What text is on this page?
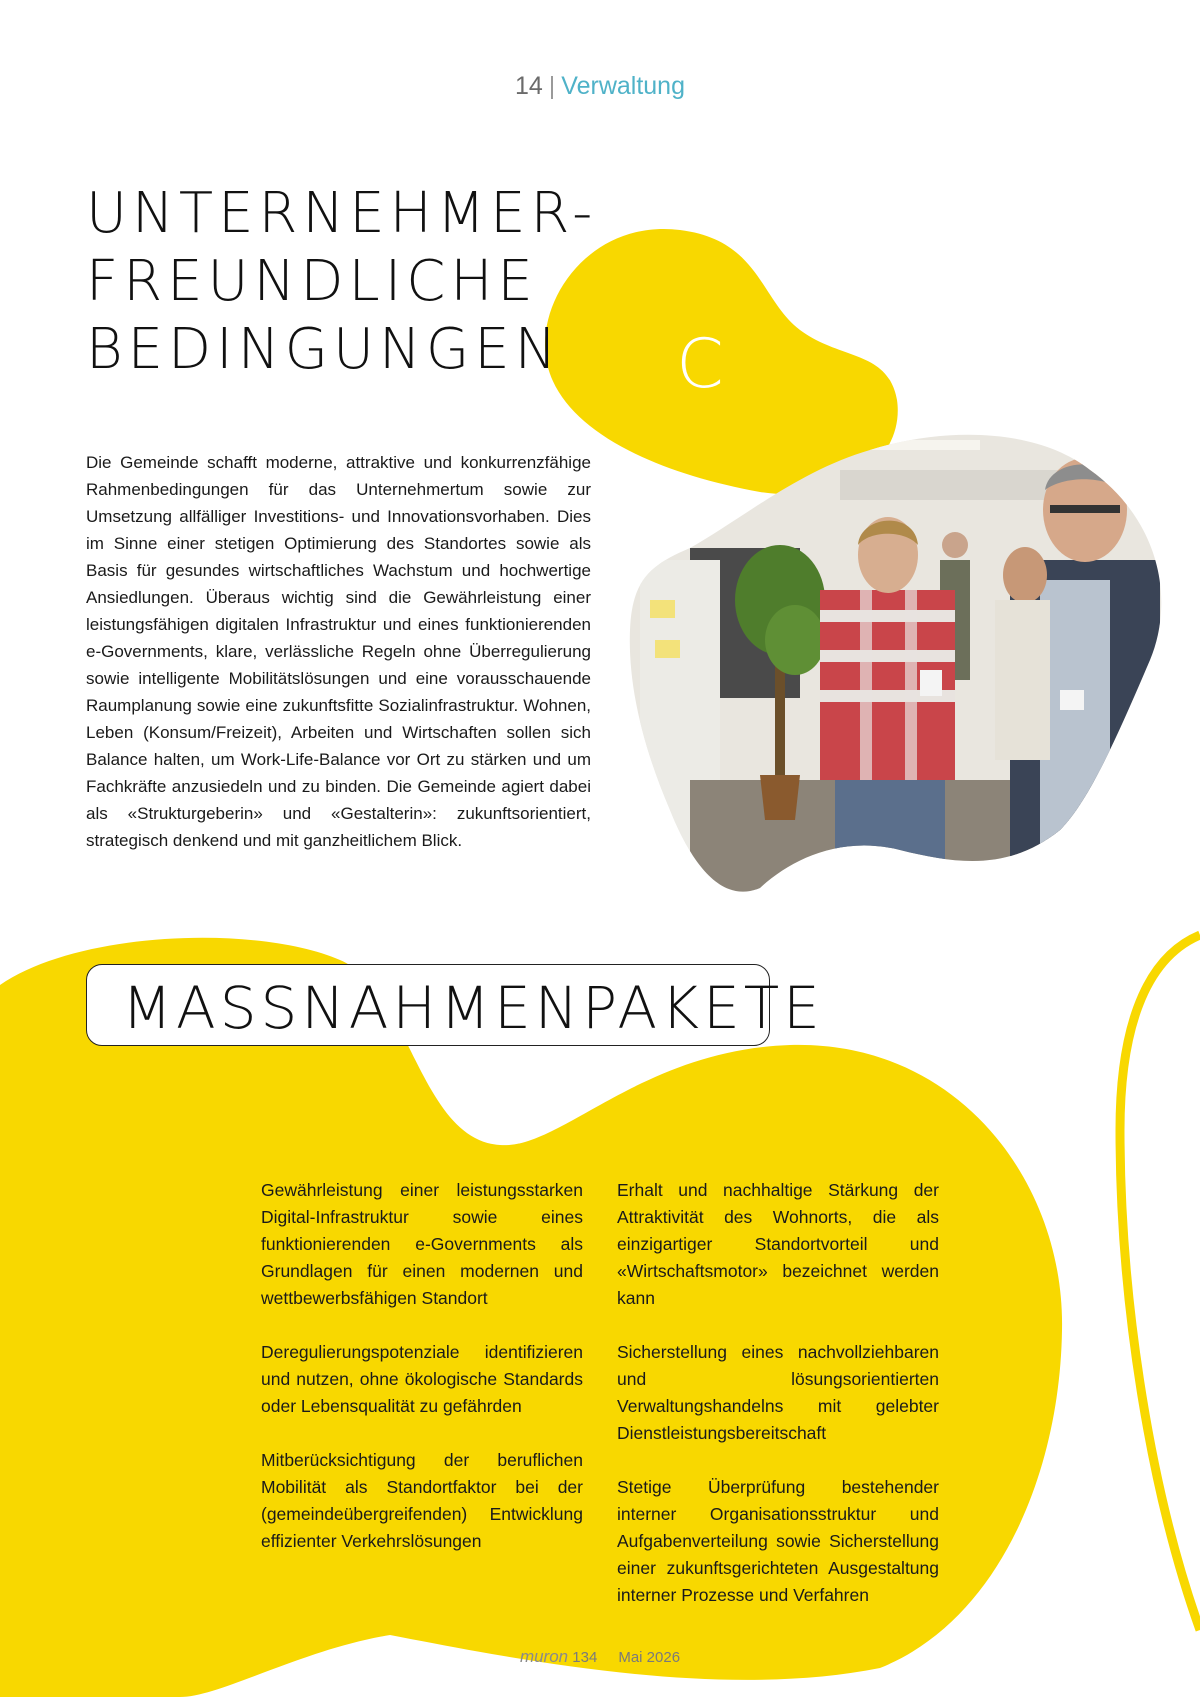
14 | Verwaltung
UNTERNEHMER-
FREUNDLICHE
BEDINGUNGEN	C
Die Gemeinde schafft moderne, attraktive und konkurrenzfähige Rahmenbedingungen für das Unternehmertum sowie zur Umsetzung allfälliger Investitions- und Innovationsvorhaben. Dies im Sinne einer stetigen Optimierung des Standortes sowie als Basis für gesundes wirtschaftliches Wachstum und hochwertige Ansiedlungen. Überaus wichtig sind die Gewährleistung einer leistungsfähigen digitalen Infrastruktur und eines funktionierenden e-Governments, klare, verlässliche Regeln ohne Überregulierung sowie intelligente Mobilitätslösungen und eine vorausschauende Raumplanung sowie eine zukunftsfitte Sozialinfrastruktur. Wohnen, Leben (Konsum/Freizeit), Arbeiten und Wirtschaften sollen sich Balance halten, um Work-Life-Balance vor Ort zu stärken und um Fachkräfte anzusiedeln und zu binden. Die Gemeinde agiert dabei als «Strukturgeberin» und «Gestalterin»: zukunftsorientiert, strategisch denkend und mit ganzheitlichem Blick.
MASSNAHMENPAKETE

Gewährleistung einer leistungsstarken Digital-Infrastruktur sowie eines funktionierenden e-Governments als Grundlagen für einen modernen und wettbewerbsfähigen Standort

Deregulierungspotenziale identifizieren und nutzen, ohne ökologische Standards oder Lebensqualität zu gefährden

Mitberücksichtigung der beruflichen Mobilität als Standortfaktor bei der (gemeindeübergreifenden) Entwicklung effizienter Verkehrslösungen

Erhalt und nachhaltige Stärkung der Attraktivität des Wohnorts, die als einzigartiger Standortvorteil und «Wirtschaftsmotor» bezeichnet werden kann

Sicherstellung eines nachvollziehbaren und lösungsorientierten Verwaltungshandelns mit gelebter Dienstleistungsbereitschaft

Stetige Überprüfung bestehender interner Organisationsstruktur und Aufgabenverteilung sowie Sicherstellung einer zukunftsgerichteten Ausgestaltung interner Prozesse und Verfahren

muron 134 Mai 2026
